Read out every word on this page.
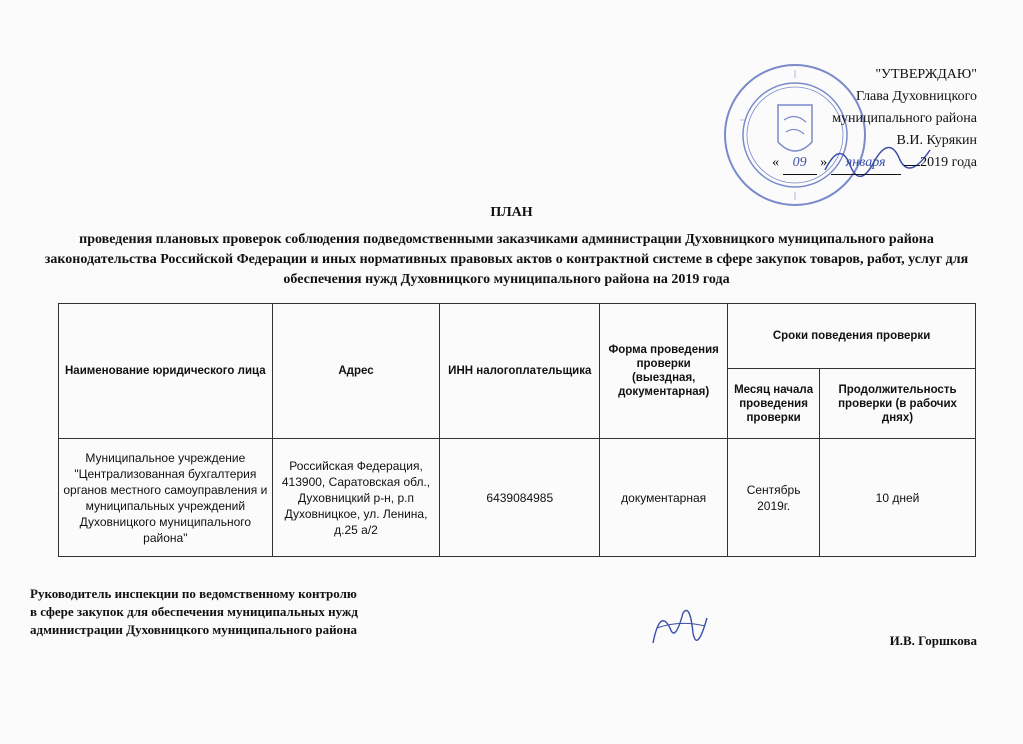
"УТВЕРЖДАЮ"
Глава Духовницкого
муниципального района
В.И. Курякин
« 09 » января 2019 года
ПЛАН
проведения плановых проверок соблюдения подведомственными заказчиками администрации Духовницкого муниципального района законодательства Российской Федерации и иных нормативных правовых актов о контрактной системе в сфере закупок товаров, работ, услуг для обеспечения нужд Духовницкого муниципального района на 2019 года
Наименование юридического лица	Адрес	ИНН налогоплательщика	Форма проведения проверки (выездная, документарная)	Сроки поведения проверки	
				Месяц начала проведения проверки	Продолжительность проверки (в рабочих днях)
Муниципальное учреждение "Централизованная бухгалтерия органов местного самоуправления и муниципальных учреждений Духовницкого муниципального района"	Российская Федерация, 413900, Саратовская обл., Духовницкий р-н, р.п Духовницкое, ул. Ленина, д.25 а/2	6439084985	документарная	Сентябрь 2019г.	10 дней
Руководитель инспекции по ведомственному контролю
в сфере закупок для обеспечения муниципальных нужд
администрации Духовницкого муниципального района
И.В. Горшкова
